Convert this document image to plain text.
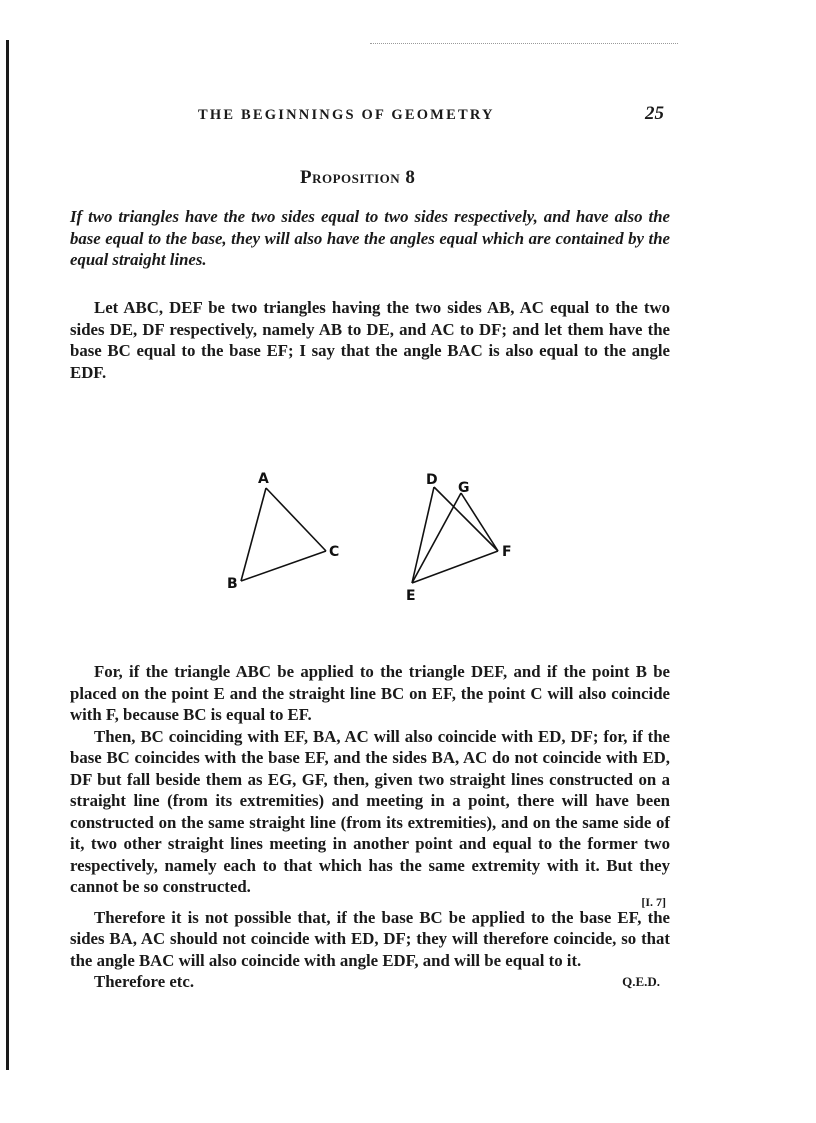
THE BEGINNINGS OF GEOMETRY	25
Proposition 8

If two triangles have the two sides equal to two sides respectively, and have also the base equal to the base, they will also have the angles equal which are contained by the equal straight lines.

Let ABC, DEF be two triangles having the two sides AB, AC equal to the two sides DE, DF respectively, namely AB to DE, and AC to DF; and let them have the base BC equal to the base EF; I say that the angle BAC is also equal to the angle EDF.

A
B
C
D G
E
F

For, if the triangle ABC be applied to the triangle DEF, and if the point B be placed on the point E and the straight line BC on EF, the point C will also coincide with F, because BC is equal to EF.

Then, BC coinciding with EF, BA, AC will also coincide with ED, DF; for, if the base BC coincides with the base EF, and the sides BA, AC do not coincide with ED, DF but fall beside them as EG, GF, then, given two straight lines constructed on a straight line (from its extremities) and meeting in a point, there will have been constructed on the same straight line (from its extremities), and on the same side of it, two other straight lines meeting in another point and equal to the former two respectively, namely each to that which has the same extremity with it. But they cannot be so constructed.

[I. 7]

Therefore it is not possible that, if the base BC be applied to the base EF, the sides BA, AC should not coincide with ED, DF; they will therefore coincide, so that the angle BAC will also coincide with angle EDF, and will be equal to it.

Therefore etc.	Q.E.D.
